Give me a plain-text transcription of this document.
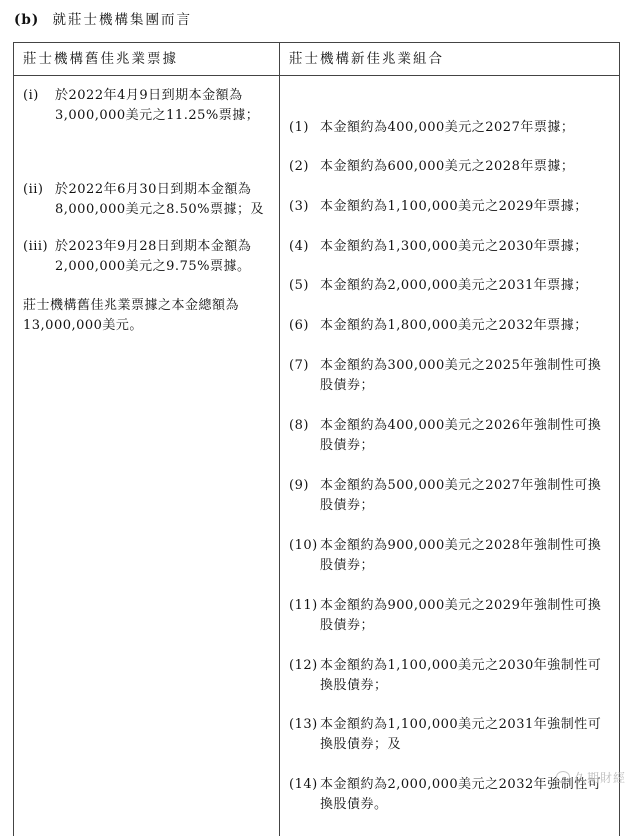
(b) 就莊士機構集團而言
莊士機構舊佳兆業票據	莊士機構新佳兆業組合
(i) 於2022年4月9日到期本金額為3,000,000美元之11.25%票據；
(ii) 於2022年6月30日到期本金額為8,000,000美元之8.50%票據；及
(iii) 於2023年9月28日到期本金額為2,000,000美元之9.75%票據。
莊士機構舊佳兆業票據之本金總額為13,000,000美元。
(1) 本金額約為400,000美元之2027年票據；
(2) 本金額約為600,000美元之2028年票據；
(3) 本金額約為1,100,000美元之2029年票據；
(4) 本金額約為1,300,000美元之2030年票據；
(5) 本金額約為2,000,000美元之2031年票據；
(6) 本金額約為1,800,000美元之2032年票據；
(7) 本金額約為300,000美元之2025年強制性可換股債券；
(8) 本金額約為400,000美元之2026年強制性可換股債券；
(9) 本金額約為500,000美元之2027年強制性可換股債券；
(10) 本金額約為900,000美元之2028年強制性可換股債券；
(11) 本金額約為900,000美元之2029年強制性可換股債券；
(12) 本金額約為1,100,000美元之2030年強制性可換股債券；
(13) 本金額約為1,100,000美元之2031年強制性可換股債券；及
(14) 本金額約為2,000,000美元之2032年強制性可換股債券。
久期財經
